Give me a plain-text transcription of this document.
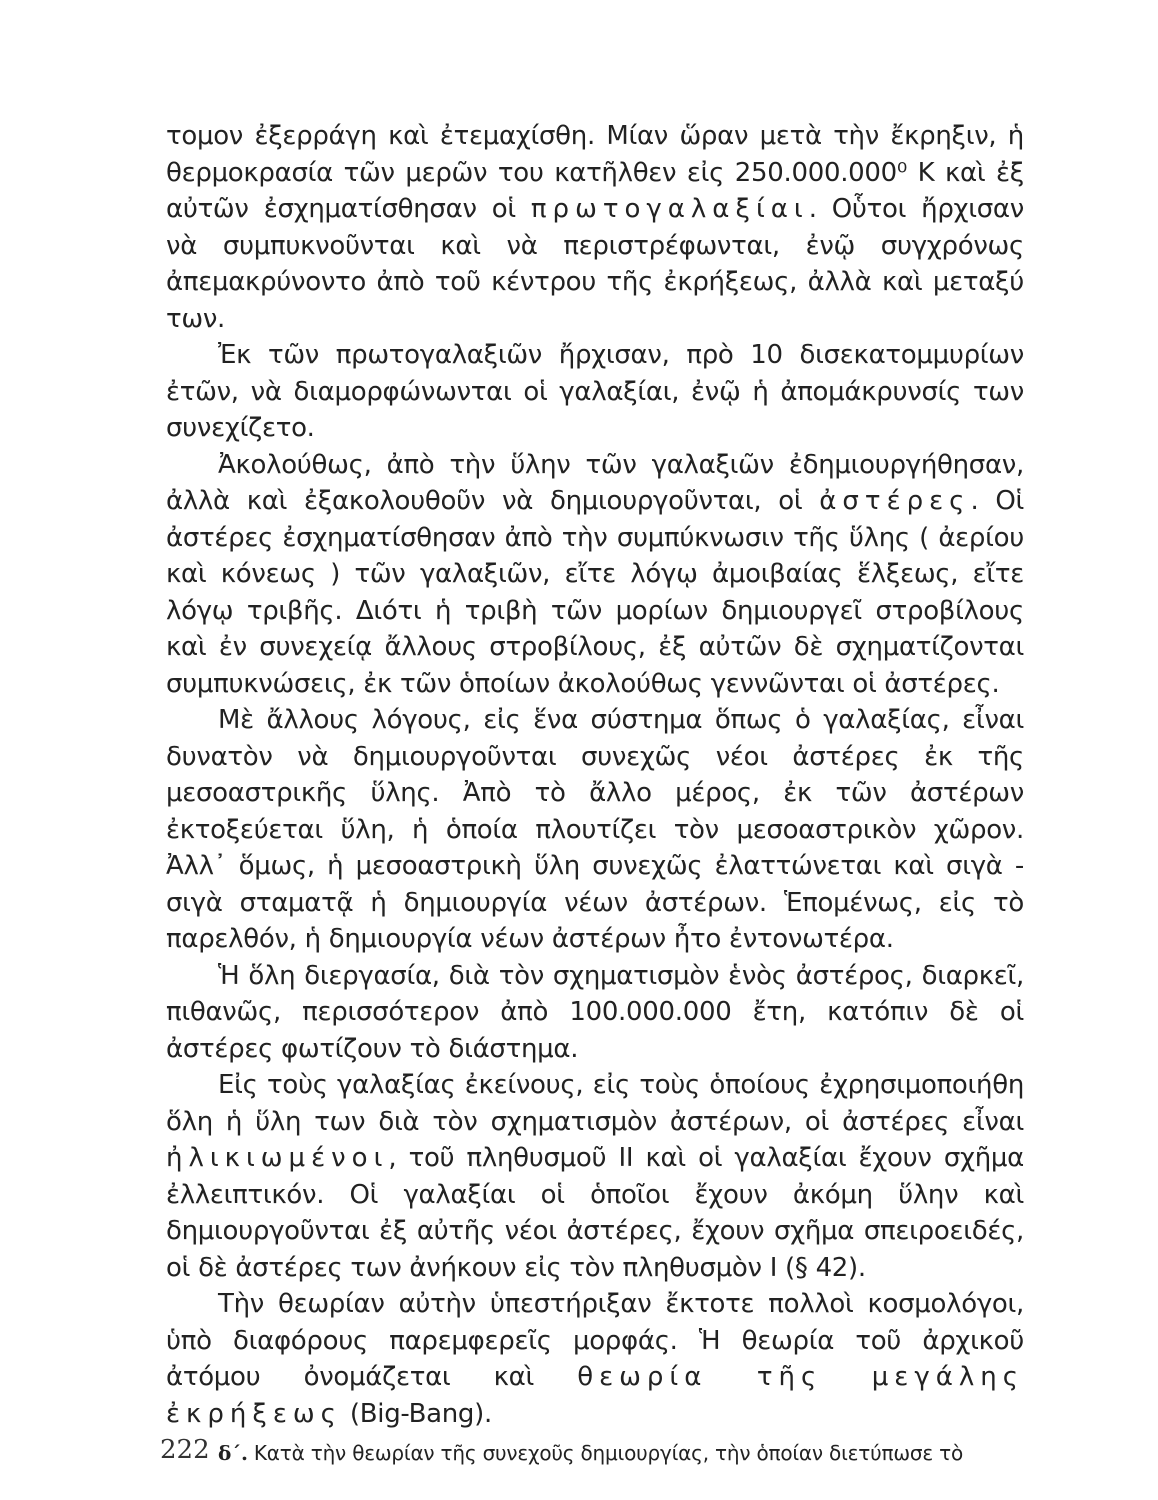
τομον ἐξερράγη καὶ ἐτεμαχίσθη. Μίαν ὥραν μετὰ τὴν ἔκρηξιν, ἡ θερμοκρασία τῶν μερῶν του κατῆλθεν εἰς 250.000.000⁰ Κ καὶ ἐξ αὐτῶν ἐσχηματίσθησαν οἱ πρωτογαλαξίαι. Οὗτοι ἤρχισαν νὰ συμπυκνοῦνται καὶ νὰ περιστρέφωνται, ἐνῷ συγχρόνως ἀπεμακρύνοντο ἀπὸ τοῦ κέντρου τῆς ἐκρήξεως, ἀλλὰ καὶ μεταξύ των.

Ἐκ τῶν πρωτογαλαξιῶν ἤρχισαν, πρὸ 10 δισεκατομμυρίων ἐτῶν, νὰ διαμορφώνωνται οἱ γαλαξίαι, ἐνῷ ἡ ἀπομάκρυνσίς των συνεχίζετο.

Ἀκολούθως, ἀπὸ τὴν ὕλην τῶν γαλαξιῶν ἐδημιουργήθησαν, ἀλλὰ καὶ ἐξακολουθοῦν νὰ δημιουργοῦνται, οἱ ἀστέρες. Οἱ ἀστέρες ἐσχηματίσθησαν ἀπὸ τὴν συμπύκνωσιν τῆς ὕλης ( ἀερίου καὶ κόνεως ) τῶν γαλαξιῶν, εἴτε λόγῳ ἀμοιβαίας ἕλξεως, εἴτε λόγῳ τριβῆς. Διότι ἡ τριβὴ τῶν μορίων δημιουργεῖ στροβίλους καὶ ἐν συνεχείᾳ ἄλλους στροβίλους, ἐξ αὐτῶν δὲ σχηματίζονται συμπυκνώσεις, ἐκ τῶν ὁποίων ἀκολούθως γεννῶνται οἱ ἀστέρες.

Μὲ ἄλλους λόγους, εἰς ἕνα σύστημα ὅπως ὁ γαλαξίας, εἶναι δυνατὸν νὰ δημιουργοῦνται συνεχῶς νέοι ἀστέρες ἐκ τῆς μεσοαστρικῆς ὕλης. Ἀπὸ τὸ ἄλλο μέρος, ἐκ τῶν ἀστέρων ἐκτοξεύεται ὕλη, ἡ ὁποία πλουτίζει τὸν μεσοαστρικὸν χῶρον. Ἀλλ᾿ ὅμως, ἡ μεσοαστρικὴ ὕλη συνεχῶς ἐλαττώνεται καὶ σιγὰ - σιγὰ σταματᾷ ἡ δημιουργία νέων ἀστέρων. Ἑπομένως, εἰς τὸ παρελθόν, ἡ δημιουργία νέων ἀστέρων ἦτο ἐντονωτέρα.

Ἡ ὅλη διεργασία, διὰ τὸν σχηματισμὸν ἑνὸς ἀστέρος, διαρκεῖ, πιθανῶς, περισσότερον ἀπὸ 100.000.000 ἔτη, κατόπιν δὲ οἱ ἀστέρες φωτίζουν τὸ διάστημα.

Εἰς τοὺς γαλαξίας ἐκείνους, εἰς τοὺς ὁποίους ἐχρησιμοποιήθη ὅλη ἡ ὕλη των διὰ τὸν σχηματισμὸν ἀστέρων, οἱ ἀστέρες εἶναι ἠλικιωμένοι, τοῦ πληθυσμοῦ ΙΙ καὶ οἱ γαλαξίαι ἔχουν σχῆμα ἐλλειπτικόν. Οἱ γαλαξίαι οἱ ὁποῖοι ἔχουν ἀκόμη ὕλην καὶ δημιουργοῦνται ἐξ αὐτῆς νέοι ἀστέρες, ἔχουν σχῆμα σπειροειδές, οἱ δὲ ἀστέρες των ἀνήκουν εἰς τὸν πληθυσμὸν Ι (§ 42).

Τὴν θεωρίαν αὐτὴν ὑπεστήριξαν ἔκτοτε πολλοὶ κοσμολόγοι, ὑπὸ διαφόρους παρεμφερεῖς μορφάς. Ἡ θεωρία τοῦ ἀρχικοῦ ἀτόμου ὀνομάζεται καὶ θεωρία τῆς μεγάλης ἐκρήξεως (Big-Bang).

δ΄. Κατὰ τὴν θεωρίαν τῆς συνεχοῦς δημιουργίας, τὴν ὁποίαν διετύπωσε τὸ

222
